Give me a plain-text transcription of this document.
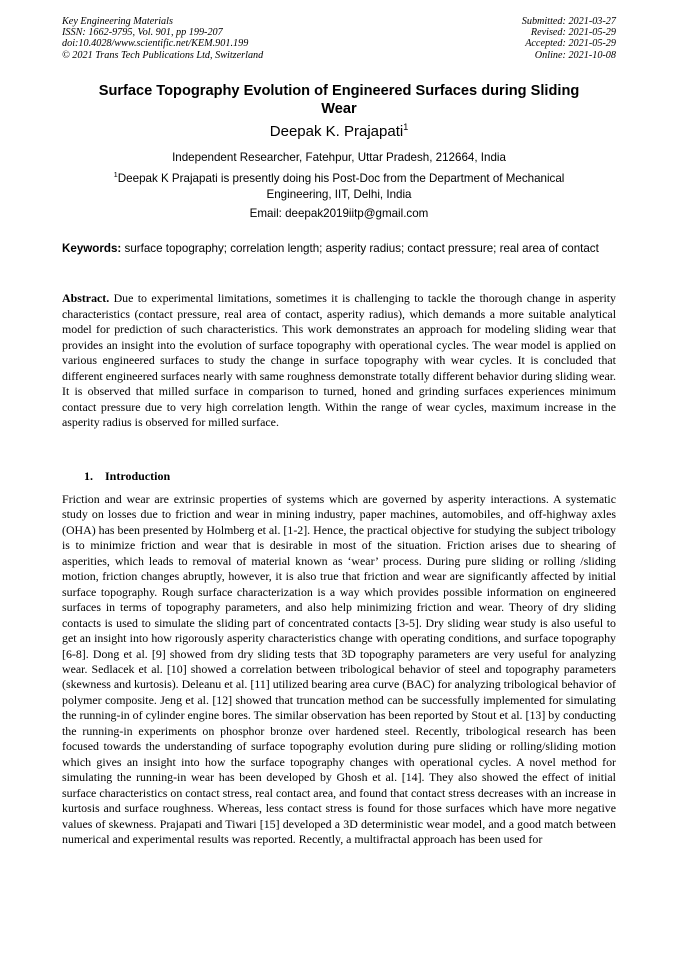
Key Engineering Materials
ISSN: 1662-9795, Vol. 901, pp 199-207
doi:10.4028/www.scientific.net/KEM.901.199
© 2021 Trans Tech Publications Ltd, Switzerland
Submitted: 2021-03-27
Revised: 2021-05-29
Accepted: 2021-05-29
Online: 2021-10-08
Surface Topography Evolution of Engineered Surfaces during Sliding
Wear
Deepak K. Prajapati$^1$
Independent Researcher, Fatehpur, Uttar Pradesh, 212664, India
$^1$Deepak K Prajapati is presently doing his Post-Doc from the Department of Mechanical
Engineering, IIT, Delhi, India
Email: deepak2019iitp@gmail.com
Keywords: surface topography; correlation length; asperity radius; contact pressure; real area of contact

Abstract. Due to experimental limitations, sometimes it is challenging to tackle the thorough change in asperity characteristics (contact pressure, real area of contact, asperity radius), which demands a more suitable analytical model for prediction of such characteristics. This work demonstrates an approach for modeling sliding wear that provides an insight into the evolution of surface topography with operational cycles. The wear model is applied on various engineered surfaces to study the change in surface topography with wear cycles. It is concluded that different engineered surfaces nearly with same roughness demonstrate totally different behavior during sliding wear. It is observed that milled surface in comparison to turned, honed and grinding surfaces experiences minimum contact pressure due to very high correlation length. Within the range of wear cycles, maximum increase in the asperity radius is observed for milled surface.

1. Introduction

Friction and wear are extrinsic properties of systems which are governed by asperity interactions. A systematic study on losses due to friction and wear in mining industry, paper machines, automobiles, and off-highway axles (OHA) has been presented by Holmberg et al. [1-2]. Hence, the practical objective for studying the subject tribology is to minimize friction and wear that is desirable in most of the situation. Friction arises due to shearing of asperities, which leads to removal of material known as ‘wear’ process. During pure sliding or rolling /sliding motion, friction changes abruptly, however, it is also true that friction and wear are significantly affected by initial surface topography. Rough surface characterization is a way which provides possible information on engineered surfaces in terms of topography parameters, and also help minimizing friction and wear. Theory of dry sliding contacts is used to simulate the sliding part of concentrated contacts [3-5]. Dry sliding wear study is also useful to get an insight into how rigorously asperity characteristics change with operating conditions, and surface topography [6-8]. Dong et al. [9] showed from dry sliding tests that 3D topography parameters are very useful for analyzing wear. Sedlacek et al. [10] showed a correlation between tribological behavior of steel and topography parameters (skewness and kurtosis). Deleanu et al. [11] utilized bearing area curve (BAC) for analyzing tribological behavior of polymer composite. Jeng et al. [12] showed that truncation method can be successfully implemented for simulating the running-in of cylinder engine bores. The similar observation has been reported by Stout et al. [13] by conducting the running-in experiments on phosphor bronze over hardened steel. Recently, tribological research has been focused towards the understanding of surface topography evolution during pure sliding or rolling/sliding motion which gives an insight into how the surface topography changes with operational cycles. A novel method for simulating the running-in wear has been developed by Ghosh et al. [14]. They also showed the effect of initial surface characteristics on contact stress, real contact area, and found that contact stress decreases with an increase in kurtosis and surface roughness. Whereas, less contact stress is found for those surfaces which have more negative values of skewness. Prajapati and Tiwari [15] developed a 3D deterministic wear model, and a good match between numerical and experimental results was reported. Recently, a multifractal approach has been used for
